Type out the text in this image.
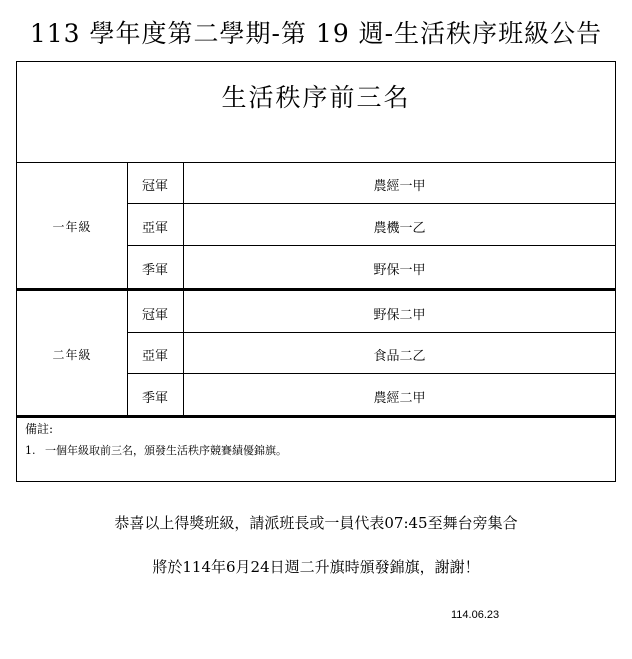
113 學年度第二學期-第 19 週-生活秩序班級公告
生活秩序前三名
一年級
冠軍	農經一甲
亞軍	農機一乙
季軍	野保一甲
二年級
冠軍	野保二甲
亞軍	食品二乙
季軍	農經二甲
備註:
1. 一個年級取前三名，頒發生活秩序競賽績優錦旗。
恭喜以上得獎班級，請派班長或一員代表07:45至舞台旁集合
將於114年6月24日週二升旗時頒發錦旗，謝謝！
114.06.23
